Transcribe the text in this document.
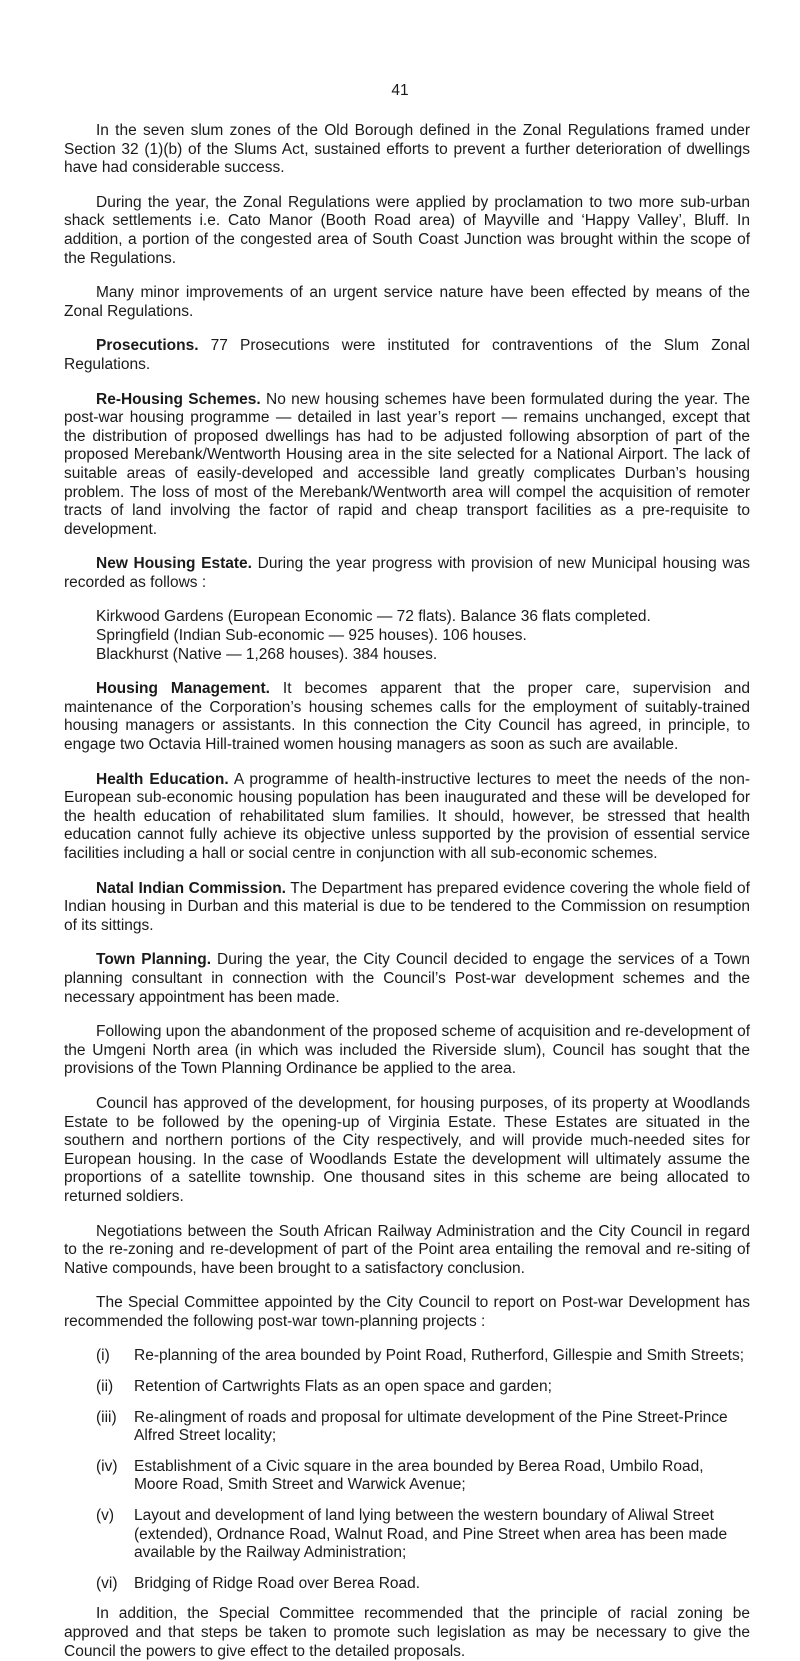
41

In the seven slum zones of the Old Borough defined in the Zonal Regulations framed under Section 32 (1)(b) of the Slums Act, sustained efforts to prevent a further deterioration of dwellings have had considerable success.

During the year, the Zonal Regulations were applied by proclamation to two more sub-urban shack settlements i.e. Cato Manor (Booth Road area) of Mayville and ‘Happy Valley’, Bluff. In addition, a portion of the congested area of South Coast Junction was brought within the scope of the Regulations.

Many minor improvements of an urgent service nature have been effected by means of the Zonal Regulations.

Prosecutions. 77 Prosecutions were instituted for contraventions of the Slum Zonal Regulations.

Re-Housing Schemes. No new housing schemes have been formulated during the year. The post-war housing programme — detailed in last year’s report — remains unchanged, except that the distribution of proposed dwellings has had to be adjusted following absorption of part of the proposed Merebank/Wentworth Housing area in the site selected for a National Airport. The lack of suitable areas of easily-developed and accessible land greatly complicates Durban’s housing problem. The loss of most of the Merebank/Wentworth area will compel the acquisition of remoter tracts of land involving the factor of rapid and cheap transport facilities as a pre-requisite to development.

New Housing Estate. During the year progress with provision of new Municipal housing was recorded as follows :

Kirkwood Gardens (European Economic — 72 flats). Balance 36 flats completed.
Springfield (Indian Sub-economic — 925 houses). 106 houses.
Blackhurst (Native — 1,268 houses). 384 houses.

Housing Management. It becomes apparent that the proper care, supervision and maintenance of the Corporation’s housing schemes calls for the employment of suitably-trained housing managers or assistants. In this connection the City Council has agreed, in principle, to engage two Octavia Hill-trained women housing managers as soon as such are available.

Health Education. A programme of health-instructive lectures to meet the needs of the non-European sub-economic housing population has been inaugurated and these will be developed for the health education of rehabilitated slum families. It should, however, be stressed that health education cannot fully achieve its objective unless supported by the provision of essential service facilities including a hall or social centre in conjunction with all sub-economic schemes.

Natal Indian Commission. The Department has prepared evidence covering the whole field of Indian housing in Durban and this material is due to be tendered to the Commission on resumption of its sittings.

Town Planning. During the year, the City Council decided to engage the services of a Town planning consultant in connection with the Council’s Post-war development schemes and the necessary appointment has been made.

Following upon the abandonment of the proposed scheme of acquisition and re-development of the Umgeni North area (in which was included the Riverside slum), Council has sought that the provisions of the Town Planning Ordinance be applied to the area.

Council has approved of the development, for housing purposes, of its property at Woodlands Estate to be followed by the opening-up of Virginia Estate. These Estates are situated in the southern and northern portions of the City respectively, and will provide much-needed sites for European housing. In the case of Woodlands Estate the development will ultimately assume the proportions of a satellite township. One thousand sites in this scheme are being allocated to returned soldiers.

Negotiations between the South African Railway Administration and the City Council in regard to the re-zoning and re-development of part of the Point area entailing the removal and re-siting of Native compounds, have been brought to a satisfactory conclusion.

The Special Committee appointed by the City Council to report on Post-war Development has recommended the following post-war town-planning projects :

(i)	Re-planning of the area bounded by Point Road, Rutherford, Gillespie and Smith Streets;
(ii)	Retention of Cartwrights Flats as an open space and garden;
(iii)	Re-alingment of roads and proposal for ultimate development of the Pine Street-Prince Alfred Street locality;
(iv)	Establishment of a Civic square in the area bounded by Berea Road, Umbilo Road, Moore Road, Smith Street and Warwick Avenue;
(v)	Layout and development of land lying between the western boundary of Aliwal Street (extended), Ordnance Road, Walnut Road, and Pine Street when area has been made available by the Railway Administration;
(vi)	Bridging of Ridge Road over Berea Road.

In addition, the Special Committee recommended that the principle of racial zoning be approved and that steps be taken to promote such legislation as may be necessary to give the Council the powers to give effect to the detailed proposals.
